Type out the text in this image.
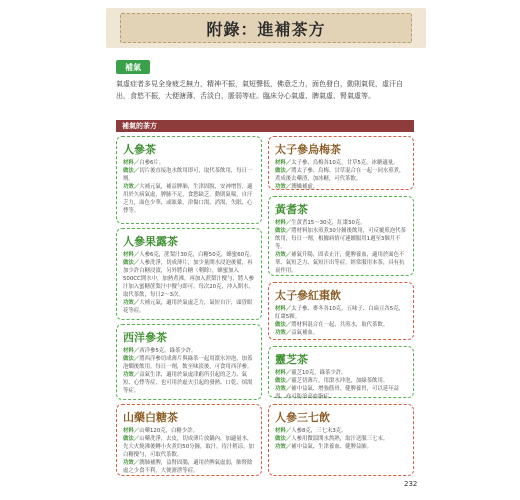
附錄：進補茶方
補氣
氣虛症者多見全身疲乏無力，精神不振，氣短聲低，佛意乏力，面色發白，動則氣促，虛汗自出，食慾不振，大便溏薄，舌淡白，脈弱等症。臨床分心氣虛、脾氣虛、腎氣虛等。
補氣的茶方
人參茶
材料／白參6片。
做法／切片後直接泡水飲用即可，取代茶飲用，每日一劑。
功效／大補元氣，補益脾肺，生津固脫，安神增智，適用於久病氣虛，脾肺不足，食慾缺乏，動則氣喘，自汗乏力，面色少華，或眩暈，津傷口渴、消渴、失眠、心悸等。
人參果露茶
材料／人參6克，蔗梨汁30克，白糖50克，蜂蜜60克。
做法／人參洗淨，切成薄片，加少量開水浸泡後備，再加少許白糖浸漬，另外將白糖（剩餘），蜂蜜加入500CC開水中，加熱煮沸，再加入蔗梨汁攪勻，將人參汁加入蜜糖蔗梨汁中攪勻即可。每次20克，沖入開水，取代茶飲，每日2～3次。
功效／大補元氣，適用於氣虛乏力，氣短自汗，頭昏眼花等症。
西洋參茶
材料／西洋參5克，綠茶少許。
做法／將西洋參切成薄片與綠茶一起用滾水沖泡，加蓋泡燜後飲用。每日一劑，飲至味淡後，可食用西洋參。
功效／益氣生津，適用於氣虛津虧所引起的乏力、氣短、心悸等症，也可用於虛火引起的發熱、口乾、煩渴等症。
山藥白糖茶
材料／山藥120克，白糖少許。
做法／山藥洗淨，去皮，切成薄片放鍋內，加適量水，先大火燒沸後轉小火煮約50分鐘，取汁，待汁稍涼，加白糖攪勻，可取代茶飲。
功效／潤肺補脾，益腎固腸，適用於脾氣虛弱，肺腎陰虛之少食不利，大便溏泄等症。
太子參烏梅茶
材料／太子參，烏梅各10克，甘草5克，冰糖適量。
做法／將太子參、烏梅、甘草混合在一起一同水煎煮，煮成後去藥渣，加冰糖，可代茶飲。
功效／潤燥補虛。
黃耆茶
材料／生黃耆15～30克，紅棗30克。
做法／將材料加水煎煮30分鐘後飲用，可反覆煎泡代茶飲用，每日一劑，根據病情可連續服用1週至3個月不等。
功效／補氣升陽，固表止汗，健脾養血，適用於面色不華、氣短乏力、氣短汗出等症，經常服用本茶，具有抗衰作用。
太子參紅棗飲
材料／太子參、麥冬各10克，五味子、白扁豆各5克，紅棗5顆。
做法／將材料混合在一起，共煎水，取代茶飲。
功效／益氣補血。
靈芝茶
材料／靈芝10克，綠茶少許。
做法／靈芝切薄片，用滾水沖泡，加綠茶飲用。
功效／補中益氣、增強筋骨、健脾養胃，可以延年益壽，亦可防治高血脂症。
人參三七飲
材料／人參8克，三七末3克。
做法／人參用微溫開水熬熟，取汁送服三七末。
功效／補中益氣、生津養血、健脾益肺。
232
